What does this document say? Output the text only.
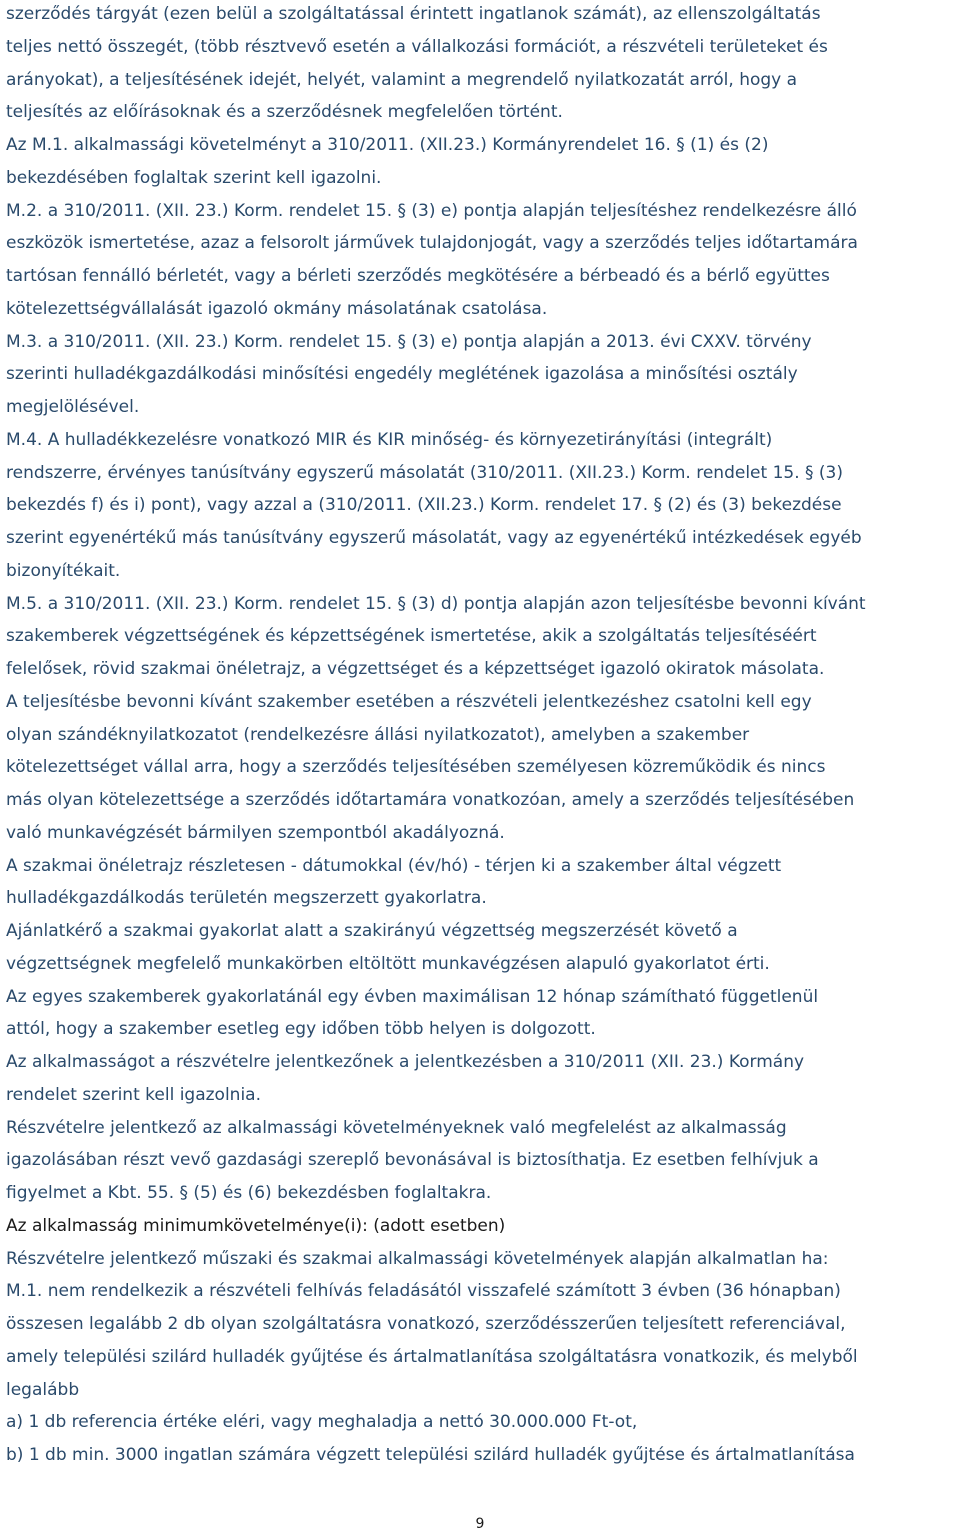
szerződés tárgyát (ezen belül a szolgáltatással érintett ingatlanok számát), az ellenszolgáltatás
teljes nettó összegét, (több résztvevő esetén a vállalkozási formációt, a részvételi területeket és
arányokat), a teljesítésének idejét, helyét, valamint a megrendelő nyilatkozatát arról, hogy a
teljesítés az előírásoknak és a szerződésnek megfelelően történt.
Az M.1. alkalmassági követelményt a 310/2011. (XII.23.) Kormányrendelet 16. § (1) és (2)
bekezdésében foglaltak szerint kell igazolni.
M.2. a 310/2011. (XII. 23.) Korm. rendelet 15. § (3) e) pontja alapján teljesítéshez rendelkezésre álló
eszközök ismertetése, azaz a felsorolt járművek tulajdonjogát, vagy a szerződés teljes időtartamára
tartósan fennálló bérletét, vagy a bérleti szerződés megkötésére a bérbeadó és a bérlő együttes
kötelezettségvállalását igazoló okmány másolatának csatolása.
M.3. a 310/2011. (XII. 23.) Korm. rendelet 15. § (3) e) pontja alapján a 2013. évi CXXV. törvény
szerinti hulladékgazdálkodási minősítési engedély meglétének igazolása a minősítési osztály
megjelölésével.
M.4. A hulladékkezelésre vonatkozó MIR és KIR minőség- és környezetirányítási (integrált)
rendszerre, érvényes tanúsítvány egyszerű másolatát (310/2011. (XII.23.) Korm. rendelet 15. § (3)
bekezdés f) és i) pont), vagy azzal a (310/2011. (XII.23.) Korm. rendelet 17. § (2) és (3) bekezdése
szerint egyenértékű más tanúsítvány egyszerű másolatát, vagy az egyenértékű intézkedések egyéb
bizonyítékait.
M.5. a 310/2011. (XII. 23.) Korm. rendelet 15. § (3) d) pontja alapján azon teljesítésbe bevonni kívánt
szakemberek végzettségének és képzettségének ismertetése, akik a szolgáltatás teljesítéséért
felelősek, rövid szakmai önéletrajz, a végzettséget és a képzettséget igazoló okiratok másolata.
A teljesítésbe bevonni kívánt szakember esetében a részvételi jelentkezéshez csatolni kell egy
olyan szándéknyilatkozatot (rendelkezésre állási nyilatkozatot), amelyben a szakember
kötelezettséget vállal arra, hogy a szerződés teljesítésében személyesen közreműködik és nincs
más olyan kötelezettsége a szerződés időtartamára vonatkozóan, amely a szerződés teljesítésében
való munkavégzését bármilyen szempontból akadályozná.
A szakmai önéletrajz részletesen - dátumokkal (év/hó) - térjen ki a szakember által végzett
hulladékgazdálkodás területén megszerzett gyakorlatra.
Ajánlatkérő a szakmai gyakorlat alatt a szakirányú végzettség megszerzését követő a
végzettségnek megfelelő munkakörben eltöltött munkavégzésen alapuló gyakorlatot érti.
Az egyes szakemberek gyakorlatánál egy évben maximálisan 12 hónap számítható függetlenül
attól, hogy a szakember esetleg egy időben több helyen is dolgozott.
Az alkalmasságot a részvételre jelentkezőnek a jelentkezésben a 310/2011 (XII. 23.) Kormány
rendelet szerint kell igazolnia.
Részvételre jelentkező az alkalmassági követelményeknek való megfelelést az alkalmasság
igazolásában részt vevő gazdasági szereplő bevonásával is biztosíthatja. Ez esetben felhívjuk a
figyelmet a Kbt. 55. § (5) és (6) bekezdésben foglaltakra.
Az alkalmasság minimumkövetelménye(i): (adott esetben)
Részvételre jelentkező műszaki és szakmai alkalmassági követelmények alapján alkalmatlan ha:
M.1. nem rendelkezik a részvételi felhívás feladásától visszafelé számított 3 évben (36 hónapban)
összesen legalább 2 db olyan szolgáltatásra vonatkozó, szerződésszerűen teljesített referenciával,
amely települési szilárd hulladék gyűjtése és ártalmatlanítása szolgáltatásra vonatkozik, és melyből
legalább
a) 1 db referencia értéke eléri, vagy meghaladja a nettó 30.000.000 Ft-ot,
b) 1 db min. 3000 ingatlan számára végzett települési szilárd hulladék gyűjtése és ártalmatlanítása
9
